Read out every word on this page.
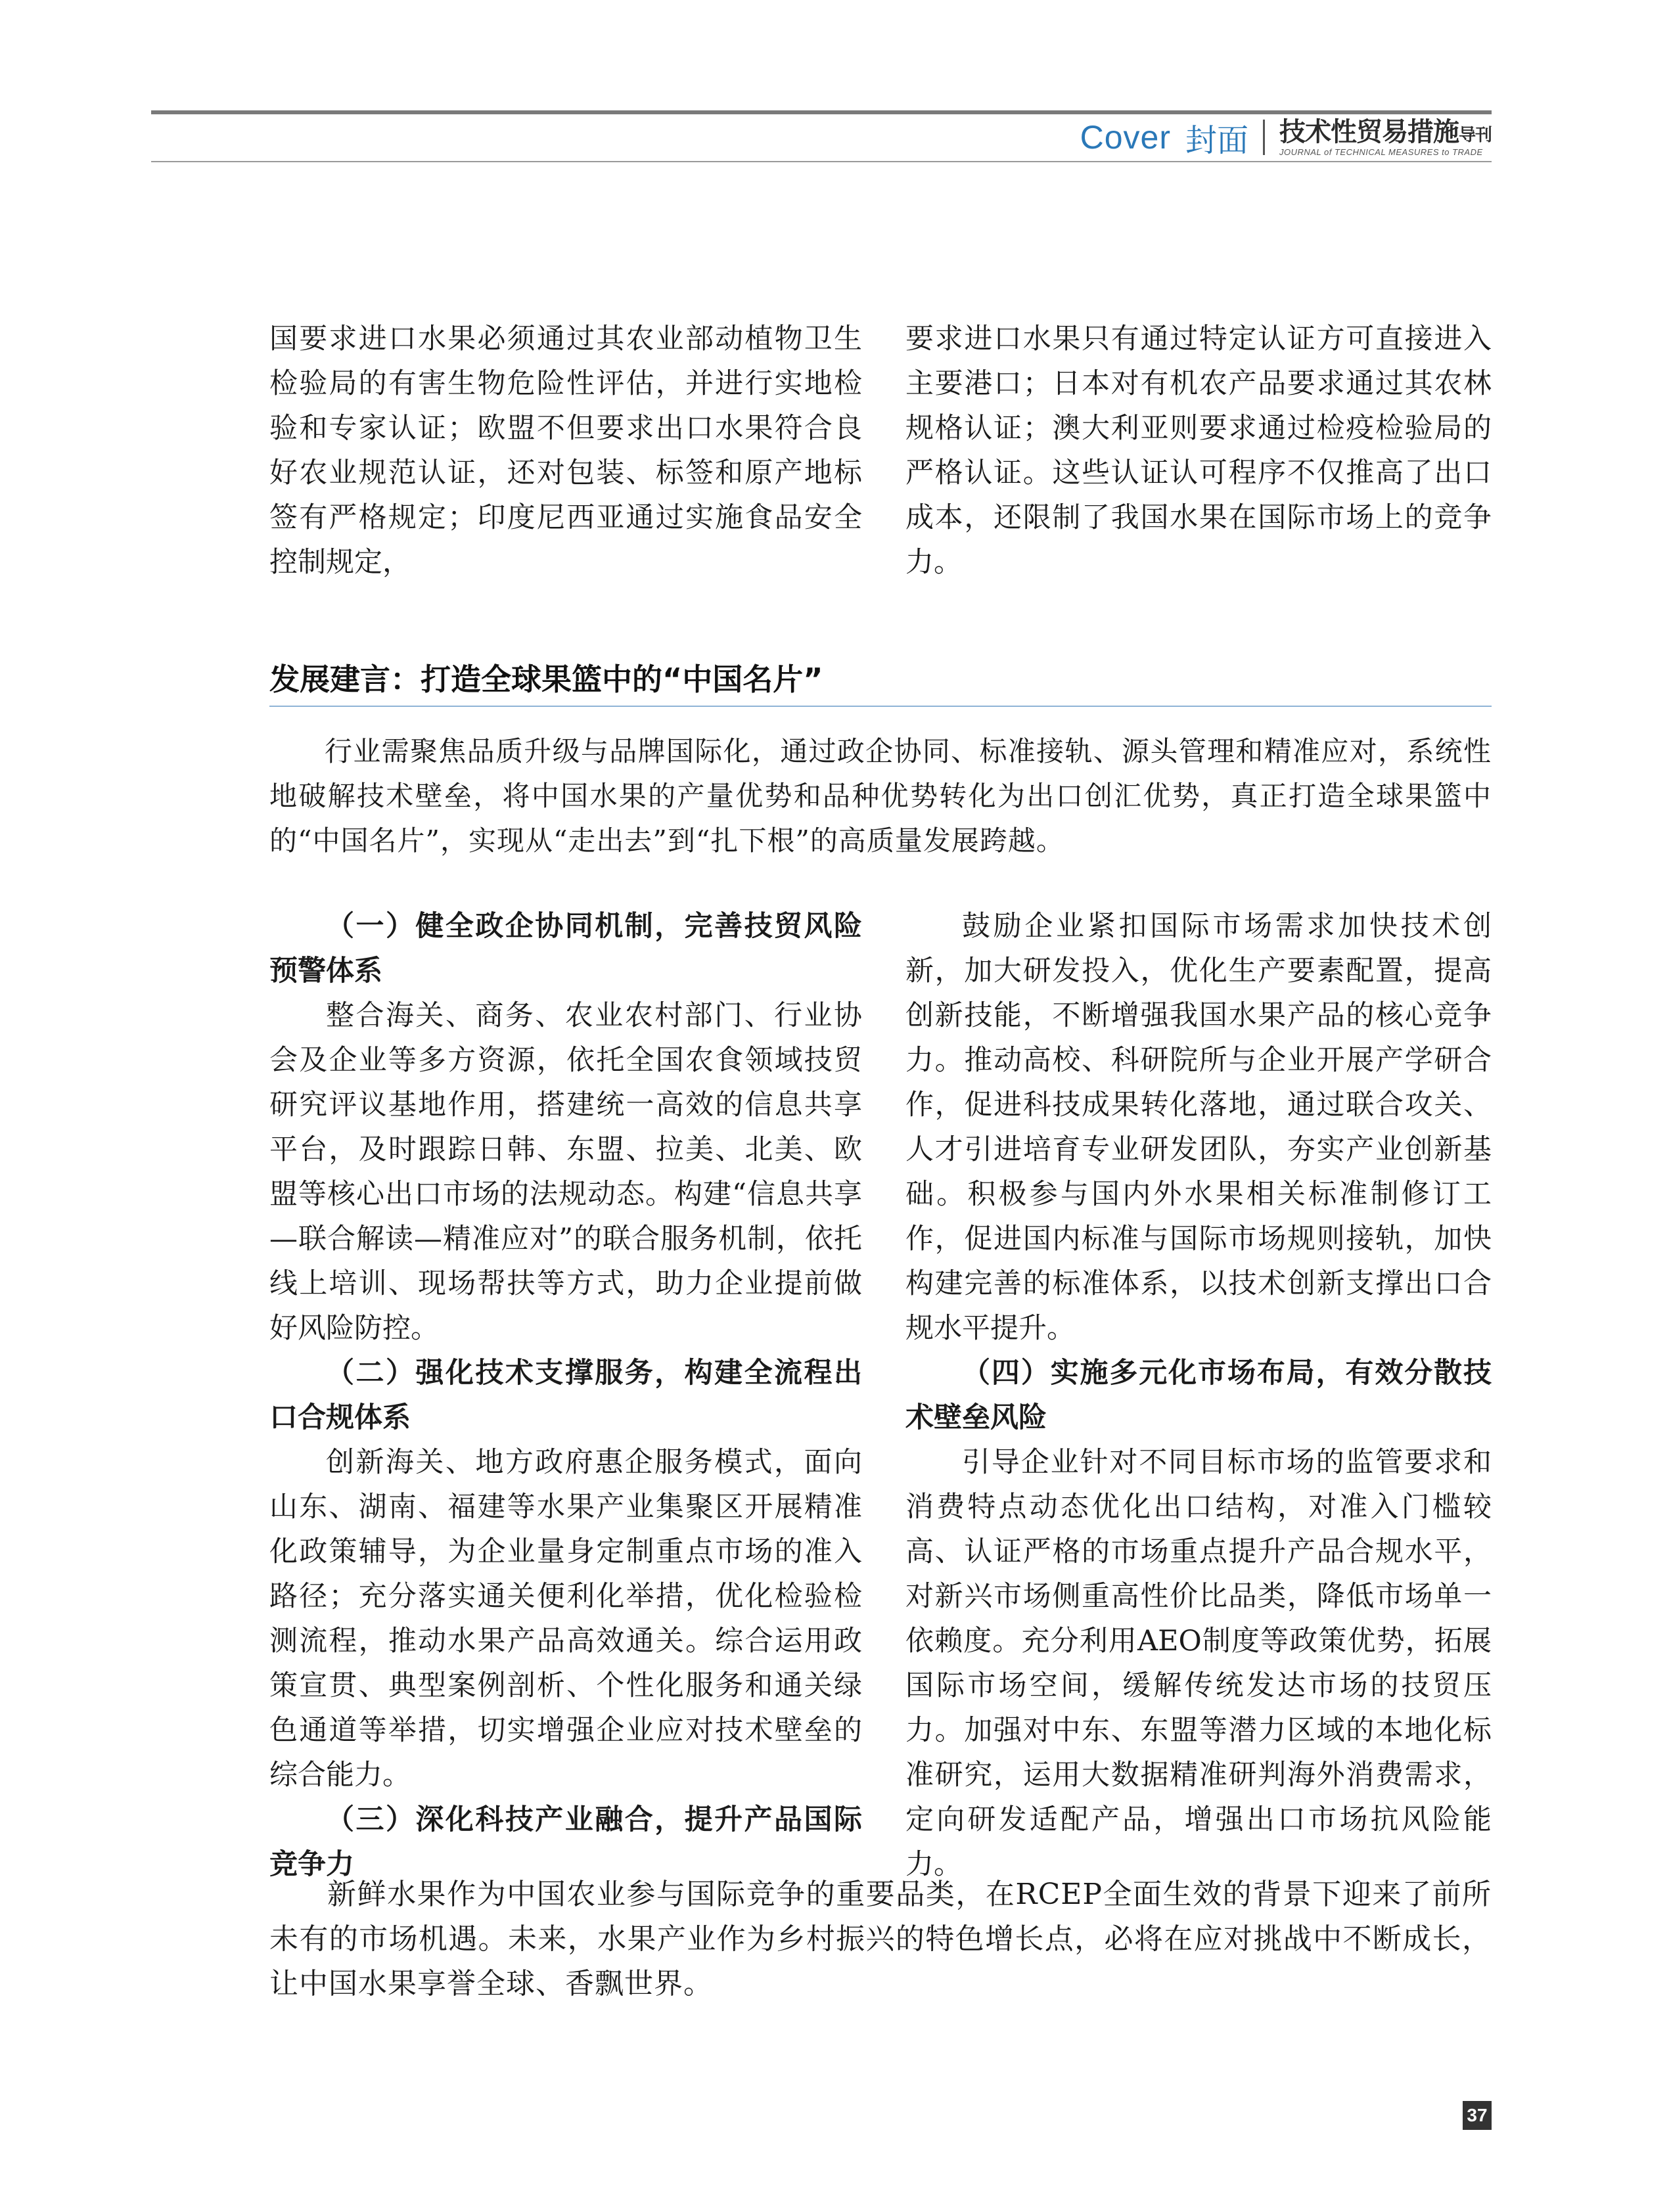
Cover 封面 技术性贸易措施导刊
JOURNAL of TECHNICAL MEASURES to TRADE

国要求进口水果必须通过其农业部动植物卫生检验局的有害生物危险性评估，并进行实地检验和专家认证；欧盟不但要求出口水果符合良好农业规范认证，还对包装、标签和原产地标签有严格规定；印度尼西亚通过实施食品安全控制规定，

要求进口水果只有通过特定认证方可直接进入主要港口；日本对有机农产品要求通过其农林规格认证；澳大利亚则要求通过检疫检验局的严格认证。这些认证认可程序不仅推高了出口成本，还限制了我国水果在国际市场上的竞争力。

发展建言：打造全球果篮中的“中国名片”

行业需聚焦品质升级与品牌国际化，通过政企协同、标准接轨、源头管理和精准应对，系统性地破解技术壁垒，将中国水果的产量优势和品种优势转化为出口创汇优势，真正打造全球果篮中的“中国名片”，实现从“走出去”到“扎下根”的高质量发展跨越。

（一）健全政企协同机制，完善技贸风险预警体系

整合海关、商务、农业农村部门、行业协会及企业等多方资源，依托全国农食领域技贸研究评议基地作用，搭建统一高效的信息共享平台，及时跟踪日韩、东盟、拉美、北美、欧盟等核心出口市场的法规动态。构建“信息共享—联合解读—精准应对”的联合服务机制，依托线上培训、现场帮扶等方式，助力企业提前做好风险防控。

（二）强化技术支撑服务，构建全流程出口合规体系

创新海关、地方政府惠企服务模式，面向山东、湖南、福建等水果产业集聚区开展精准化政策辅导，为企业量身定制重点市场的准入路径；充分落实通关便利化举措，优化检验检测流程，推动水果产品高效通关。综合运用政策宣贯、典型案例剖析、个性化服务和通关绿色通道等举措，切实增强企业应对技术壁垒的综合能力。

（三）深化科技产业融合，提升产品国际竞争力

鼓励企业紧扣国际市场需求加快技术创新，加大研发投入，优化生产要素配置，提高创新技能，不断增强我国水果产品的核心竞争力。推动高校、科研院所与企业开展产学研合作，促进科技成果转化落地，通过联合攻关、人才引进培育专业研发团队，夯实产业创新基础。积极参与国内外水果相关标准制修订工作，促进国内标准与国际市场规则接轨，加快构建完善的标准体系，以技术创新支撑出口合规水平提升。

（四）实施多元化市场布局，有效分散技术壁垒风险

引导企业针对不同目标市场的监管要求和消费特点动态优化出口结构，对准入门槛较高、认证严格的市场重点提升产品合规水平，对新兴市场侧重高性价比品类，降低市场单一依赖度。充分利用AEO制度等政策优势，拓展国际市场空间，缓解传统发达市场的技贸压力。加强对中东、东盟等潜力区域的本地化标准研究，运用大数据精准研判海外消费需求，定向研发适配产品，增强出口市场抗风险能力。

新鲜水果作为中国农业参与国际竞争的重要品类，在RCEP全面生效的背景下迎来了前所未有的市场机遇。未来，水果产业作为乡村振兴的特色增长点，必将在应对挑战中不断成长，让中国水果享誉全球、香飘世界。

37
